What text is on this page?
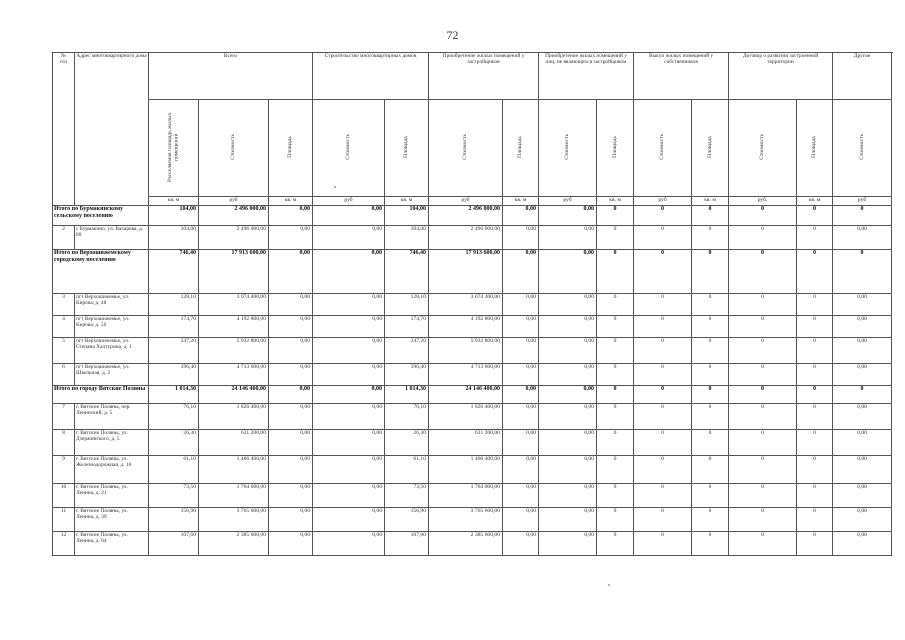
72
№
п/п	Адрес многоквартирного дома	Всего			Строительство многоквартирных домов		Приобретение жилых помещений у застройщиков		Приобретение жилых помещений у лиц, не являющихся застройщиком		Выкуп жилых помещений у собственников		Договор о развитии застроенной территории		Другие
		Расселяемая площадь жилых помещений	Стоимость	Площадь	Стоимость	Площадь	Стоимость	Площадь	Стоимость	Площадь	Стоимость	Площадь	Стоимость	Площадь	Стоимость
		кв. м	руб	кв. м	руб	кв. м	руб	кв. м	руб	кв. м	руб	кв. м	руб.	кв. м	руб
Итого по Бурмакинскому сельскому поселению		104,00	2 496 000,00	0,00	0,00	104,00	2 496 000,00	0,00	0,00	0	0	0	0	0	0
2	с Бурмакино, ул. Вахарева, д. 80	104,00	2 496 000,00	0,00	0,00	104,00	2 496 000,00	0,00	0,00	0	0	0	0	0	0,00
Итого по Верхошижемскому городскому поселению		746,40	17 913 600,00	0,00	0,00	746,40	17 913 600,00	0,00	0,00	0	0	0	0	0	0
3	пгт Верхошижемье, ул. Кирова, д. 48	128,10	3 074 400,00	0,00	0,00	128,10	3 074 400,00	0,00	0,00	0	0	0	0	0	0,00
4	пгт Верхошижемье, ул. Кирова, д. 56	174,70	4 192 800,00	0,00	0,00	174,70	4 192 800,00	0,00	0,00	0	0	0	0	0	0,00
5	пгт Верхошижемье, ул. Степана Халтурина, д. 1	247,20	5 932 800,00	0,00	0,00	247,20	5 932 800,00	0,00	0,00	0	0	0	0	0	0,00
6	пгт Верхошижемье, ул. Школьная, д. 2	196,40	4 713 600,00	0,00	0,00	196,40	4 713 600,00	0,00	0,00	0	0	0	0	0	0,00
Итого по городу Вятские Поляны		1 014,30	24 146 400,00	0,00	0,00	1 014,30	24 146 400,00	0,00	0,00	0	0	0	0	0	0
7	г. Вятские Поляны, пер. Ленинский, д. 5	76,10	1 826 400,00	0,00	0,00	76,10	1 826 400,00	0,00	0,00	0	0	0	0	0	0,00
8	г. Вятские Поляны, ул. Дзержинского, д. 5	26,30	631 200,00	0,00	0,00	26,30	631 200,00	0,00	0,00	0	0	0	0	0	0,00
9	г. Вятские Поляны, ул. Железнодорожная, д. 16	61,10	1 466 400,00	0,00	0,00	61,10	1 466 400,00	0,00	0,00	0	0	0	0	0	0,00
10	г. Вятские Поляны, ул. Ленина, д. 21	73,50	1 764 000,00	0,00	0,00	73,50	1 764 000,00	0,00	0,00	0	0	0	0	0	0,00
11	г. Вятские Поляны, ул. Ленина, д. 39	156,90	3 765 600,00	0,00	0,00	156,90	3 765 600,00	0,00	0,00	0	0	0	0	0	0,00
12	г. Вятские Поляны, ул. Ленина, д. 64	107,60	2 385 600,00	0,00	0,00	107,60	2 385 600,00	0,00	0,00	0	0	0	0	0	0,00
